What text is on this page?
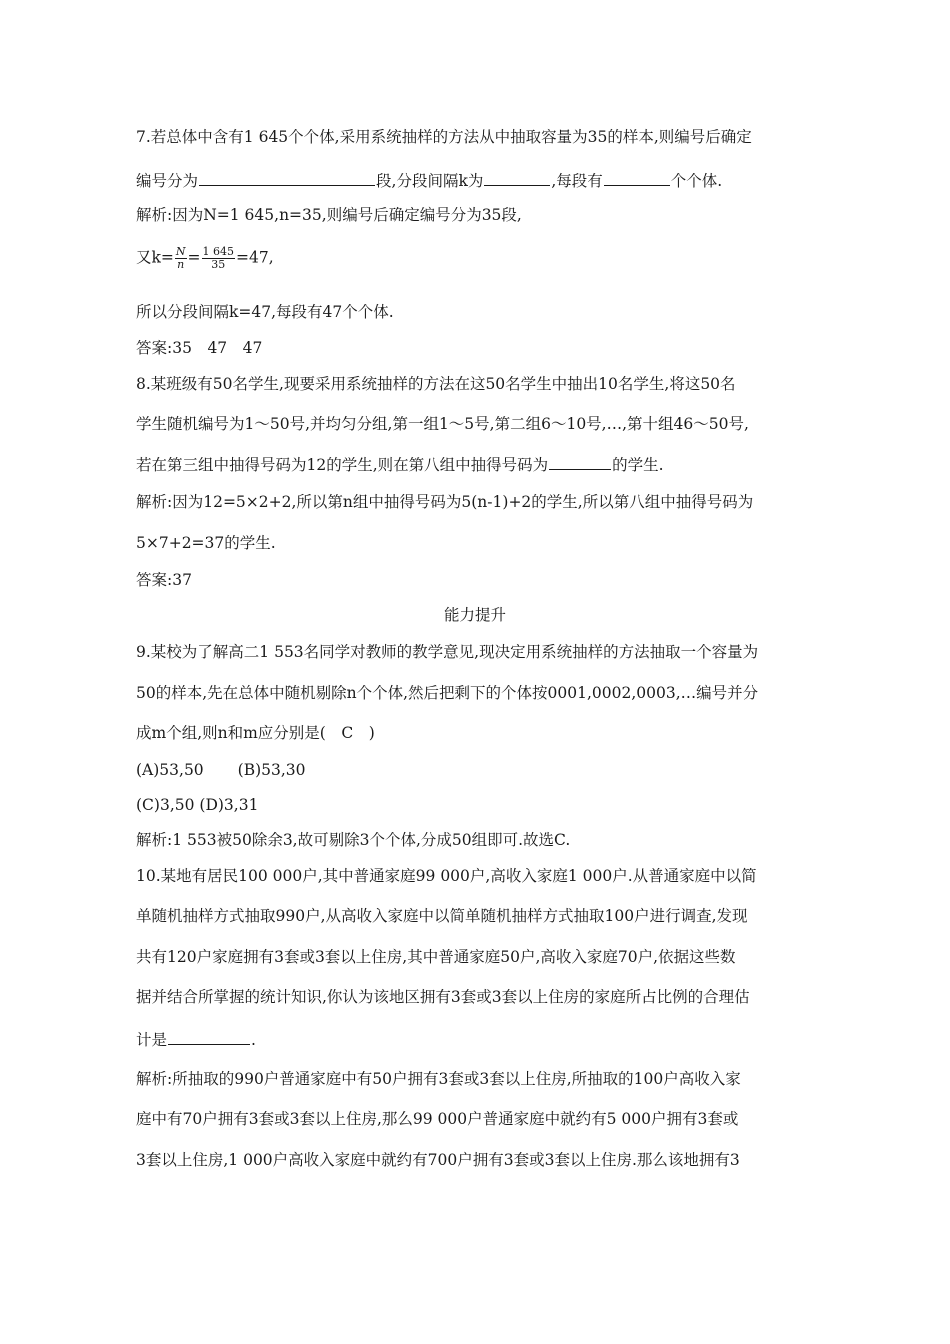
7.若总体中含有1 645个个体,采用系统抽样的方法从中抽取容量为35的样本,则编号后确定
编号分为	段,分段间隔k为	,每段有	个个体.
解析:因为N=1 645,n=35,则编号后确定编号分为35段,
又$k= \frac{N}{n} = \frac{1 645}{35} =47$,
所以分段间隔k=47,每段有47个个体.
答案:35　47　47
8.某班级有50名学生,现要采用系统抽样的方法在这50名学生中抽出10名学生,将这50名
学生随机编号为1～50号,并均匀分组,第一组1～5号,第二组6～10号,…,第十组46～50号,
若在第三组中抽得号码为12的学生,则在第八组中抽得号码为	的学生.
解析:因为12=5×2+2,所以第n组中抽得号码为5(n-1)+2的学生,所以第八组中抽得号码为
5×7+2=37的学生.
答案:37
能力提升
9.某校为了解高二1 553名同学对教师的教学意见,现决定用系统抽样的方法抽取一个容量为
50的样本,先在总体中随机剔除n个个体,然后把剩下的个体按0001,0002,0003,…编号并分
成m个组,则n和m应分别是(　C　)
(A)53,50 (B)53,30
(C)3,50 (D)3,31
解析:1 553被50除余3,故可剔除3个个体,分成50组即可.故选C.
10.某地有居民100 000户,其中普通家庭99 000户,高收入家庭1 000户.从普通家庭中以简
单随机抽样方式抽取990户,从高收入家庭中以简单随机抽样方式抽取100户进行调查,发现
共有120户家庭拥有3套或3套以上住房,其中普通家庭50户,高收入家庭70户,依据这些数
据并结合所掌握的统计知识,你认为该地区拥有3套或3套以上住房的家庭所占比例的合理估
计是	.
解析:所抽取的990户普通家庭中有50户拥有3套或3套以上住房,所抽取的100户高收入家
庭中有70户拥有3套或3套以上住房,那么99 000户普通家庭中就约有5 000户拥有3套或
3套以上住房,1 000户高收入家庭中就约有700户拥有3套或3套以上住房.那么该地拥有3
